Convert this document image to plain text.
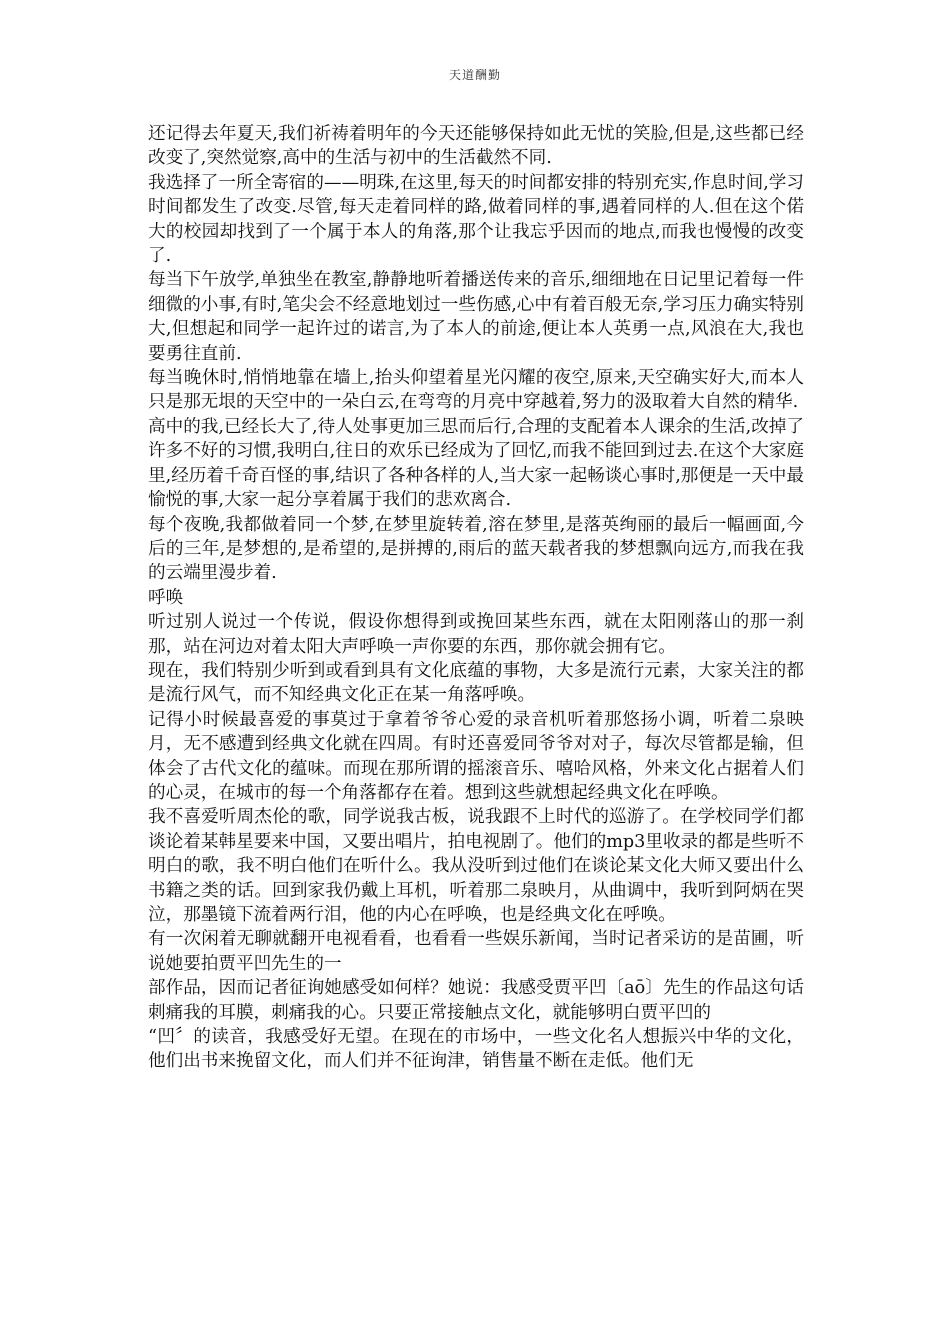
天道酬勤

还记得去年夏天,我们祈祷着明年的今天还能够保持如此无忧的笑脸,但是,这些都已经改变了,突然觉察,高中的生活与初中的生活截然不同.

我选择了一所全寄宿的——明珠,在这里,每天的时间都安排的特别充实,作息时间,学习时间都发生了改变.尽管,每天走着同样的路,做着同样的事,遇着同样的人.但在这个偌大的校园却找到了一个属于本人的角落,那个让我忘乎因而的地点,而我也慢慢的改变了.

每当下午放学,单独坐在教室,静静地听着播送传来的音乐,细细地在日记里记着每一件细微的小事,有时,笔尖会不经意地划过一些伤感,心中有着百般无奈,学习压力确实特别大,但想起和同学一起许过的诺言,为了本人的前途,便让本人英勇一点,风浪在大,我也要勇往直前.

每当晚休时,悄悄地靠在墙上,抬头仰望着星光闪耀的夜空,原来,天空确实好大,而本人只是那无垠的天空中的一朵白云,在弯弯的月亮中穿越着,努力的汲取着大自然的精华.

高中的我,已经长大了,待人处事更加三思而后行,合理的支配着本人课余的生活,改掉了许多不好的习惯,我明白,往日的欢乐已经成为了回忆,而我不能回到过去.在这个大家庭里,经历着千奇百怪的事,结识了各种各样的人,当大家一起畅谈心事时,那便是一天中最愉悦的事,大家一起分享着属于我们的悲欢离合.

每个夜晚,我都做着同一个梦,在梦里旋转着,溶在梦里,是落英绚丽的最后一幅画面,今后的三年,是梦想的,是希望的,是拼搏的,雨后的蓝天载者我的梦想飘向远方,而我在我的云端里漫步着.

呼唤

听过别人说过一个传说，假设你想得到或挽回某些东西，就在太阳刚落山的那一刹那，站在河边对着太阳大声呼唤一声你要的东西，那你就会拥有它。

现在，我们特别少听到或看到具有文化底蕴的事物，大多是流行元素，大家关注的都是流行风气，而不知经典文化正在某一角落呼唤。

记得小时候最喜爱的事莫过于拿着爷爷心爱的录音机听着那悠扬小调，听着二泉映月，无不感遭到经典文化就在四周。有时还喜爱同爷爷对对子，每次尽管都是输，但体会了古代文化的蕴味。而现在那所谓的摇滚音乐、嘻哈风格，外来文化占据着人们的心灵，在城市的每一个角落都存在着。想到这些就想起经典文化在呼唤。

我不喜爱听周杰伦的歌，同学说我古板，说我跟不上时代的巡游了。在学校同学们都谈论着某韩星要来中国，又要出唱片，拍电视剧了。他们的mp3里收录的都是些听不明白的歌，我不明白他们在听什么。我从没听到过他们在谈论某文化大师又要出什么书籍之类的话。回到家我仍戴上耳机，听着那二泉映月，从曲调中，我听到阿炳在哭泣，那墨镜下流着两行泪，他的内心在呼唤，也是经典文化在呼唤。

有一次闲着无聊就翻开电视看看，也看看一些娱乐新闻，当时记者采访的是苗圃，听说她要拍贾平凹先生的一

部作品，因而记者征询她感受如何样？她说：我感受贾平凹〔aō〕先生的作品这句话刺痛我的耳膜，刺痛我的心。只要正常接触点文化，就能够明白贾平凹的

“凹〞的读音，我感受好无望。在现在的市场中，一些文化名人想振兴中华的文化，他们出书来挽留文化，而人们并不征询津，销售量不断在走低。他们无
